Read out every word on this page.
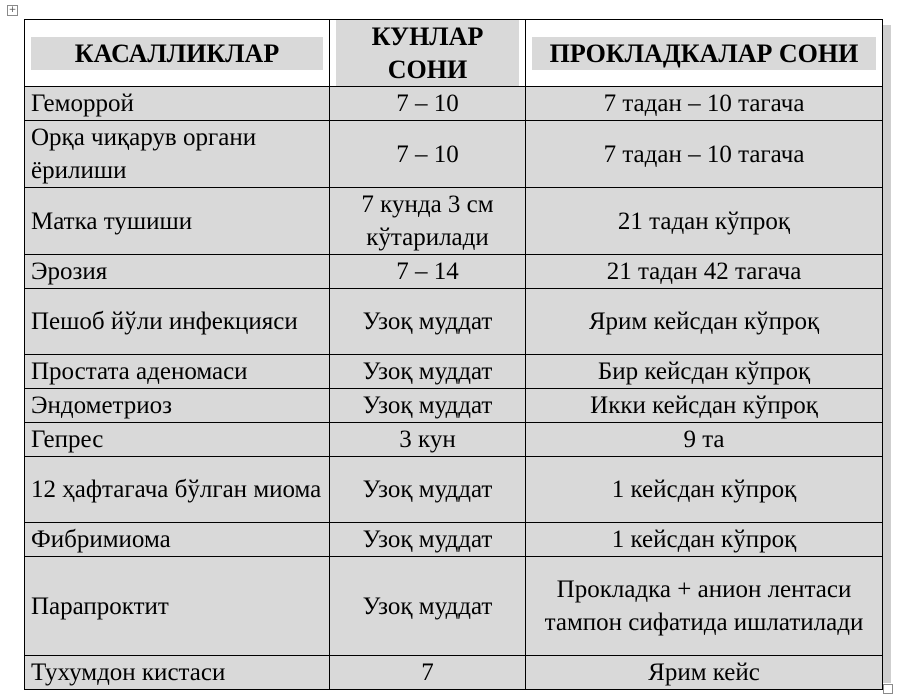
+
КАСАЛЛИКЛАР	КУНЛАР СОНИ	ПРОКЛАДКАЛАР СОНИ

Геморрой	7 – 10	7 тадан – 10 тагача
Орқа чиқарув органи ёрилиши	7 – 10	7 тадан – 10 тагача
Матка тушиши	7 кунда 3 см кўтарилади	21 тадан кўпроқ
Эрозия	7 – 14	21 тадан 42 тагача
Пешоб йўли инфекцияси	Узоқ муддат	Ярим кейсдан кўпроқ
Простата аденомаси	Узоқ муддат	Бир кейсдан кўпроқ
Эндометриоз	Узоқ муддат	Икки кейсдан кўпроқ
Гепрес	3 кун	9 та
12 ҳафтагача бўлган миома	Узоқ муддат	1 кейсдан кўпроқ
Фибримиома	Узоқ муддат	1 кейсдан кўпроқ
Парапроктит	Узоқ муддат	Прокладка + анион лентаси тампон сифатида ишлатилади
Тухумдон кистаси	7	Ярим кейс
